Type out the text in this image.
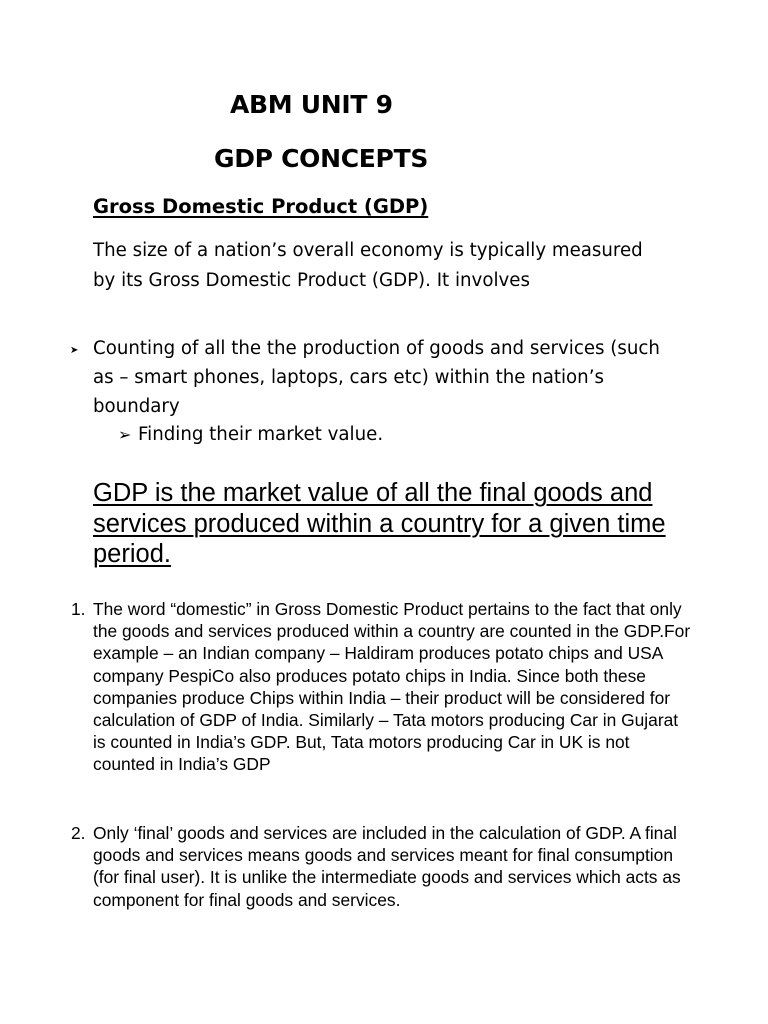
ABM UNIT 9
GDP CONCEPTS
Gross Domestic Product (GDP)

The size of a nation’s overall economy is typically measured by its Gross Domestic Product (GDP). It involves

➤ Counting of all the the production of goods and services (such as – smart phones, laptops, cars etc) within the nation’s boundary

➢ Finding their market value.

GDP is the market value of all the final goods and services produced within a country for a given time period.

1. The word “domestic” in Gross Domestic Product pertains to the fact that only the goods and services produced within a country are counted in the GDP.For example – an Indian company – Haldiram produces potato chips and USA company PespiCo also produces potato chips in India. Since both these companies produce Chips within India – their product will be considered for calculation of GDP of India. Similarly – Tata motors producing Car in Gujarat is counted in India’s GDP. But, Tata motors producing Car in UK is not counted in India’s GDP
2. Only ‘final’ goods and services are included in the calculation of GDP. A final goods and services means goods and services meant for final consumption (for final user). It is unlike the intermediate goods and services which acts as component for final goods and services.
